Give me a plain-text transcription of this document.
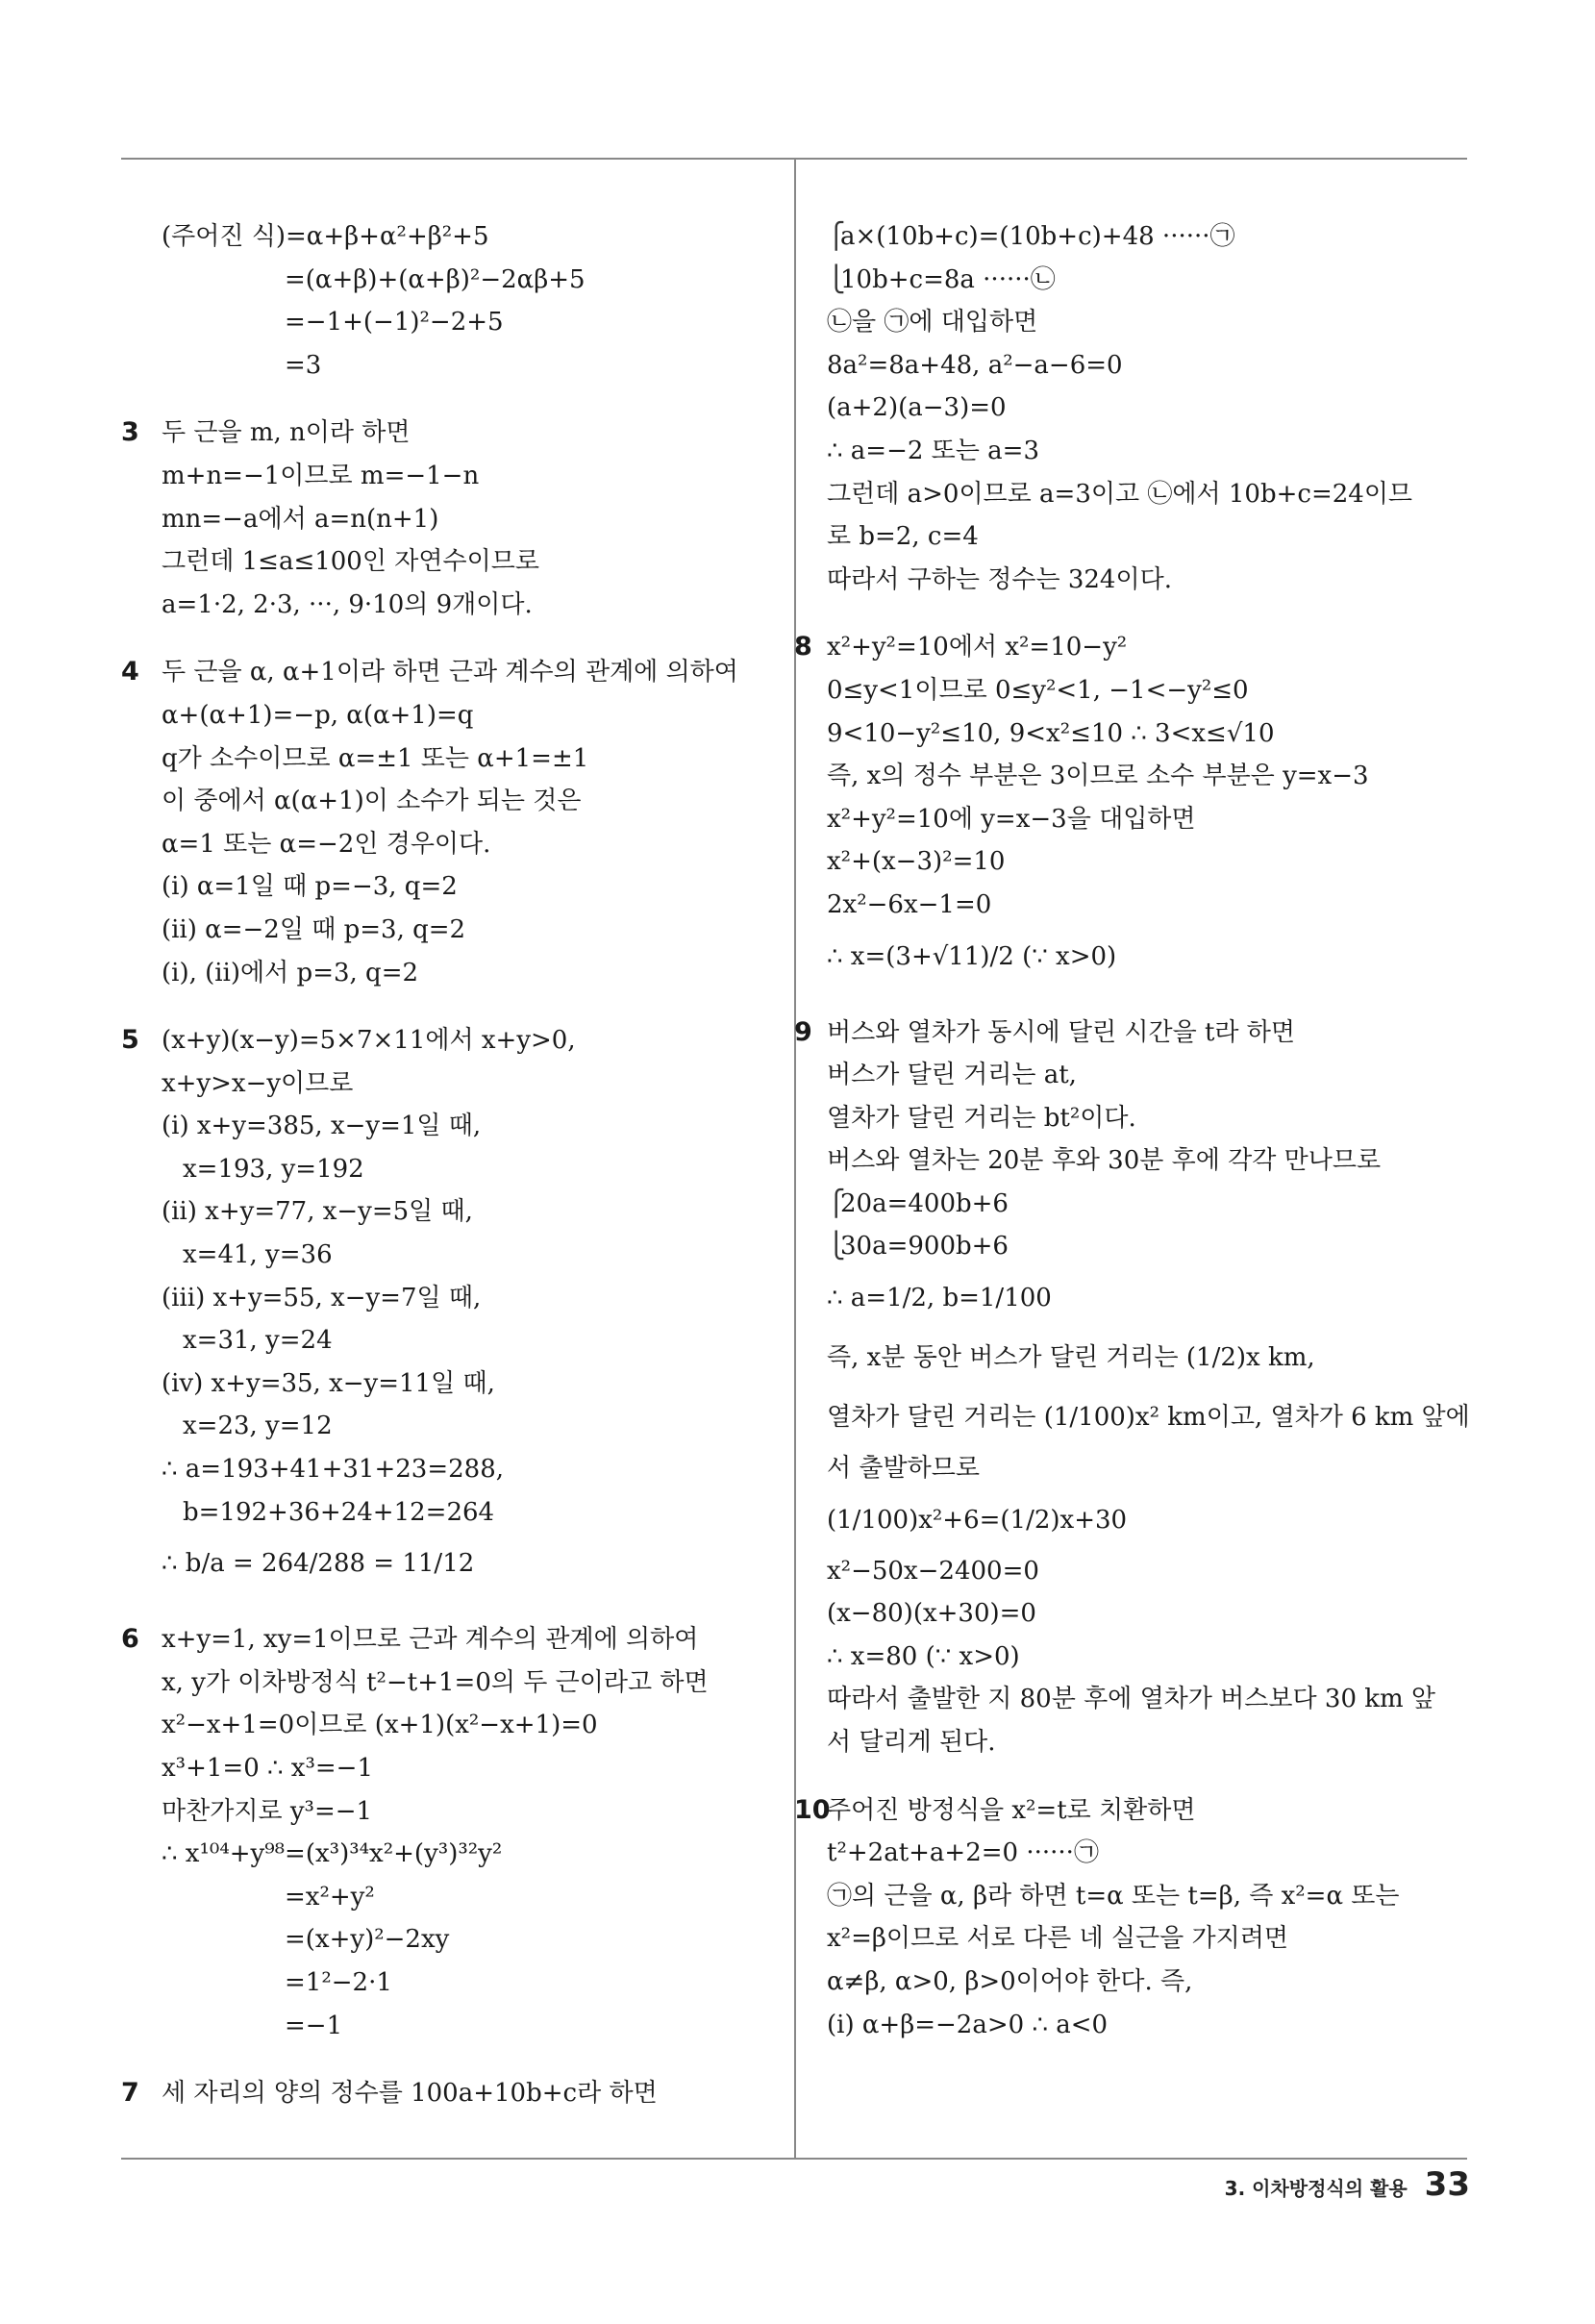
(주어진 식)=α+β+α²+β²+5
=(α+β)+(α+β)²−2αβ+5
=−1+(−1)²−2+5
=3
두 근을 m, n이라 하면
3
m+n=−1이므로 m=−1−n
mn=−a에서 a=n(n+1)
그런데 1≤a≤100인 자연수이므로
a=1·2, 2·3, ···, 9·10의 9개이다.
두 근을 α, α+1이라 하면 근과 계수의 관계에 의하여
4
α+(α+1)=−p, α(α+1)=q
q가 소수이므로 α=±1 또는 α+1=±1
이 중에서 α(α+1)이 소수가 되는 것은
α=1 또는 α=−2인 경우이다.
(ⅰ) α=1일 때 p=−3, q=2
(ⅱ) α=−2일 때 p=3, q=2
(ⅰ), (ⅱ)에서 p=3, q=2
(x+y)(x−y)=5×7×11에서 x+y>0,
5
x+y>x−y이므로
(ⅰ) x+y=385, x−y=1일 때,
x=193, y=192
(ⅱ) x+y=77, x−y=5일 때,
x=41, y=36
(ⅲ) x+y=55, x−y=7일 때,
x=31, y=24
(ⅳ) x+y=35, x−y=11일 때,
x=23, y=12
∴ a=193+41+31+23=288,
b=192+36+24+12=264
∴ b/a = 264/288 = 11/12
x+y=1, xy=1이므로 근과 계수의 관계에 의하여
6
x, y가 이차방정식 t²−t+1=0의 두 근이라고 하면
x²−x+1=0이므로 (x+1)(x²−x+1)=0
x³+1=0 ∴ x³=−1
마찬가지로 y³=−1
∴ x¹⁰⁴+y⁹⁸=(x³)³⁴x²+(y³)³²y²
=x²+y²
=(x+y)²−2xy
=1²−2·1
=−1
세 자리의 양의 정수를 100a+10b+c라 하면
7
⎧
a×(10b+c)=(10b+c)+48 ······㉠
⎩
10b+c=8a ······㉡
㉡을 ㉠에 대입하면
8a²=8a+48, a²−a−6=0
(a+2)(a−3)=0
∴ a=−2 또는 a=3
그런데 a>0이므로 a=3이고 ㉡에서 10b+c=24이므
로 b=2, c=4
따라서 구하는 정수는 324이다.
x²+y²=10에서 x²=10−y²
8
0≤y<1이므로 0≤y²<1, −1<−y²≤0
9<10−y²≤10, 9<x²≤10 ∴ 3<x≤√10
즉, x의 정수 부분은 3이므로 소수 부분은 y=x−3
x²+y²=10에 y=x−3을 대입하면
x²+(x−3)²=10
2x²−6x−1=0
∴ x=(3+√11)/2 (∵ x>0)
버스와 열차가 동시에 달린 시간을 t라 하면
9
버스가 달린 거리는 at,
열차가 달린 거리는 bt²이다.
버스와 열차는 20분 후와 30분 후에 각각 만나므로
⎧
20a=400b+6
⎩
30a=900b+6
∴ a=1/2, b=1/100
즉, x분 동안 버스가 달린 거리는 (1/2)x km,
열차가 달린 거리는 (1/100)x² km이고, 열차가 6 km 앞에
서 출발하므로
(1/100)x²+6=(1/2)x+30
x²−50x−2400=0
(x−80)(x+30)=0
∴ x=80 (∵ x>0)
따라서 출발한 지 80분 후에 열차가 버스보다 30 km 앞
서 달리게 된다.
주어진 방정식을 x²=t로 치환하면
10
t²+2at+a+2=0 ······㉠
㉠의 근을 α, β라 하면 t=α 또는 t=β, 즉 x²=α 또는
x²=β이므로 서로 다른 네 실근을 가지려면
α≠β, α>0, β>0이어야 한다. 즉,
(ⅰ) α+β=−2a>0 ∴ a<0
3. 이차방정식의 활용 33
